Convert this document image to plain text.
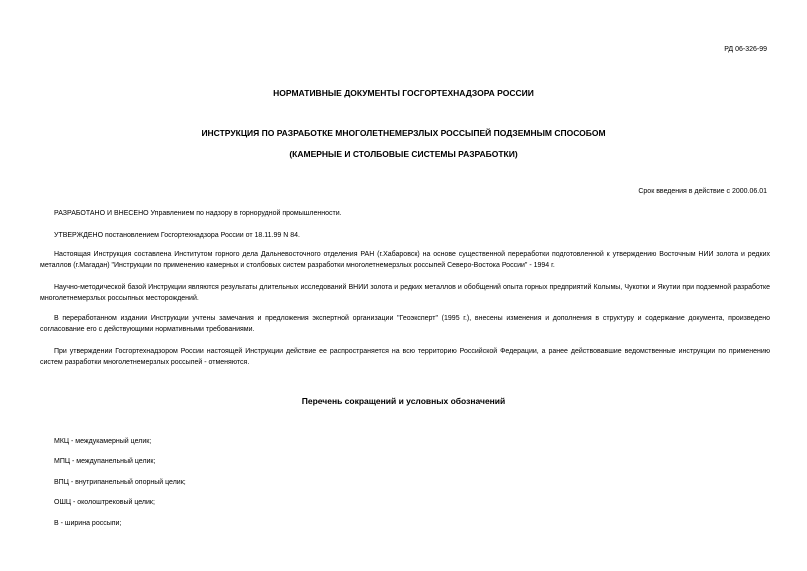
РД 06-326-99
НОРМАТИВНЫЕ ДОКУМЕНТЫ ГОСГОРТЕХНАДЗОРА РОССИИ
ИНСТРУКЦИЯ ПО РАЗРАБОТКЕ МНОГОЛЕТНЕМЕРЗЛЫХ РОССЫПЕЙ ПОДЗЕМНЫМ СПОСОБОМ
(КАМЕРНЫЕ И СТОЛБОВЫЕ СИСТЕМЫ РАЗРАБОТКИ)
Срок введения в действие с 2000.06.01
РАЗРАБОТАНО И ВНЕСЕНО Управлением по надзору в горнорудной промышленности.
УТВЕРЖДЕНО постановлением Госгортехнадзора России от 18.11.99 N 84.
Настоящая Инструкция составлена Институтом горного дела Дальневосточного отделения РАН (г.Хабаровск) на основе существенной переработки подготовленной к утверждению Восточным НИИ золота и редких металлов (г.Магадан) "Инструкции по применению камерных и столбовых систем разработки многолетнемерзлых россыпей Северо-Востока России" - 1994 г.
Научно-методической базой Инструкции являются результаты длительных исследований ВНИИ золота и редких металлов и обобщений опыта горных предприятий Колымы, Чукотки и Якутии при подземной разработке многолетнемерзлых россыпных месторождений.
В переработанном издании Инструкции учтены замечания и предложения экспертной организации "Геоэксперт" (1995 г.), внесены изменения и дополнения в структуру и содержание документа, произведено согласование его с действующими нормативными требованиями.
При утверждении Госгортехнадзором России настоящей Инструкции действие ее распространяется на всю территорию Российской Федерации, а ранее действовавшие ведомственные инструкции по применению систем разработки многолетнемерзлых россыпей - отменяются.
Перечень сокращений и условных обозначений
МКЦ - междукамерный целик;
МПЦ - междупанельный целик;
ВПЦ - внутрипанельный опорный целик;
ОШЦ - околоштрековый целик;
В - ширина россыпи;
